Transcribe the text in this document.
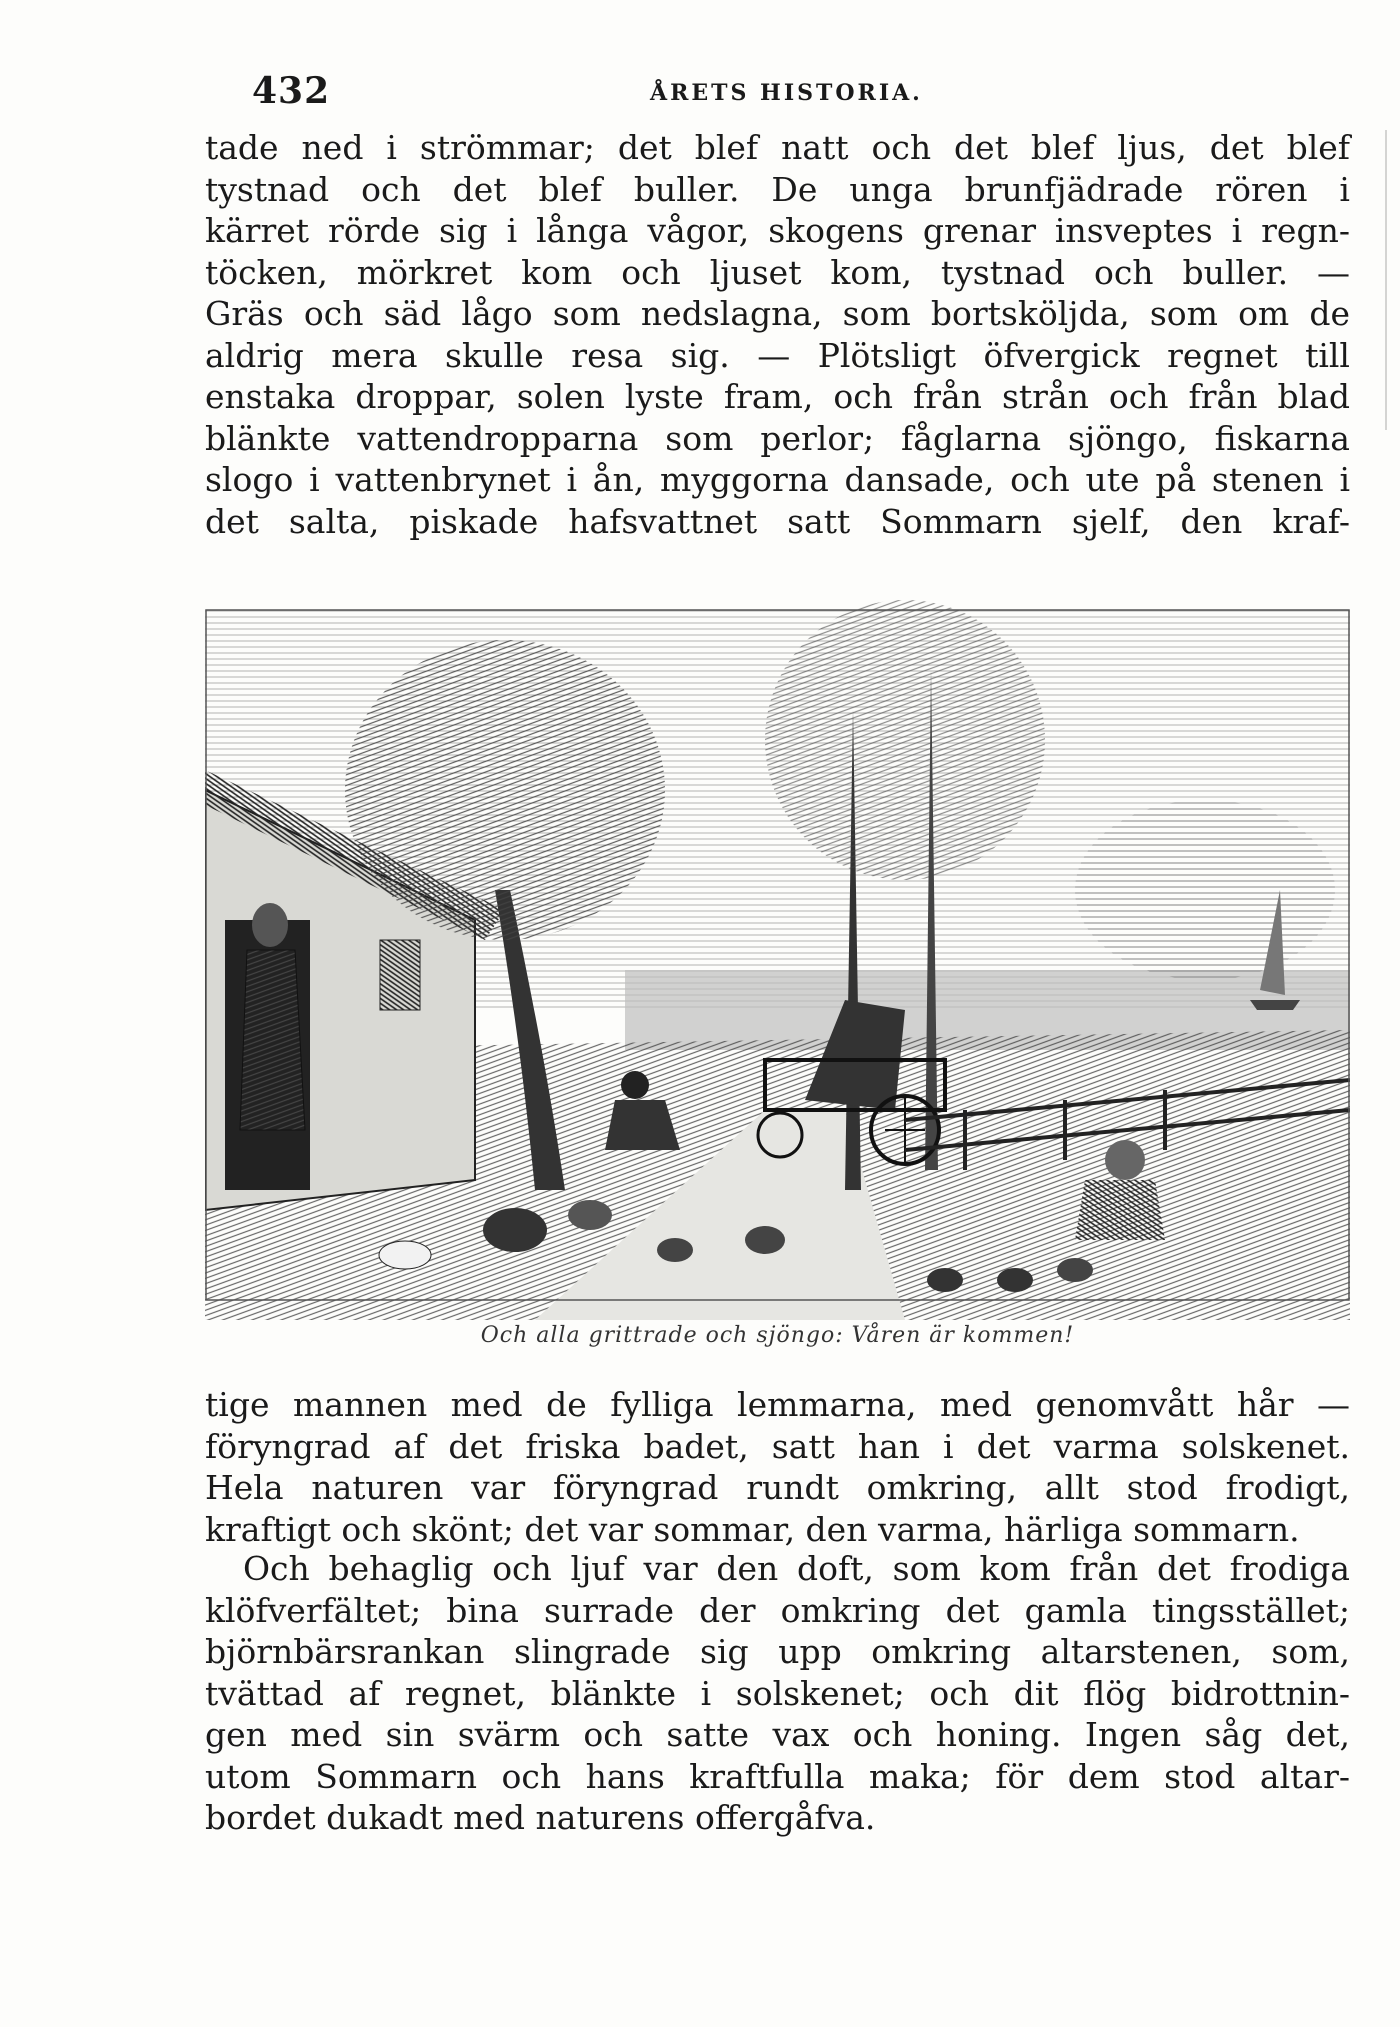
432	ÅRETS HISTORIA.

tade ned i strömmar; det blef natt och det blef ljus, det blef
tystnad och det blef buller. De unga brunfjädrade rören i
kärret rörde sig i långa vågor, skogens grenar insveptes i regn-
töcken, mörkret kom och ljuset kom, tystnad och buller. —
Gräs och säd lågo som nedslagna, som bortsköljda, som om de
aldrig mera skulle resa sig. — Plötsligt öfvergick regnet till
enstaka droppar, solen lyste fram, och från strån och från blad
blänkte vattendropparna som perlor; fåglarna sjöngo, fiskarna
slogo i vattenbrynet i ån, myggorna dansade, och ute på stenen i
det salta, piskade hafsvattnet satt Sommarn sjelf, den kraf-

Och alla grittrade och sjöngo: Våren är kommen!

tige mannen med de fylliga lemmarna, med genomvått hår —
föryngrad af det friska badet, satt han i det varma solskenet.
Hela naturen var föryngrad rundt omkring, allt stod frodigt,
kraftigt och skönt; det var sommar, den varma, härliga sommarn.

Och behaglig och ljuf var den doft, som kom från det frodiga
klöfverfältet; bina surrade der omkring det gamla tingsstället;
björnbärsrankan slingrade sig upp omkring altarstenen, som,
tvättad af regnet, blänkte i solskenet; och dit flög bidrottnin-
gen med sin svärm och satte vax och honing. Ingen såg det,
utom Sommarn och hans kraftfulla maka; för dem stod altar-
bordet dukadt med naturens offergåfva.
